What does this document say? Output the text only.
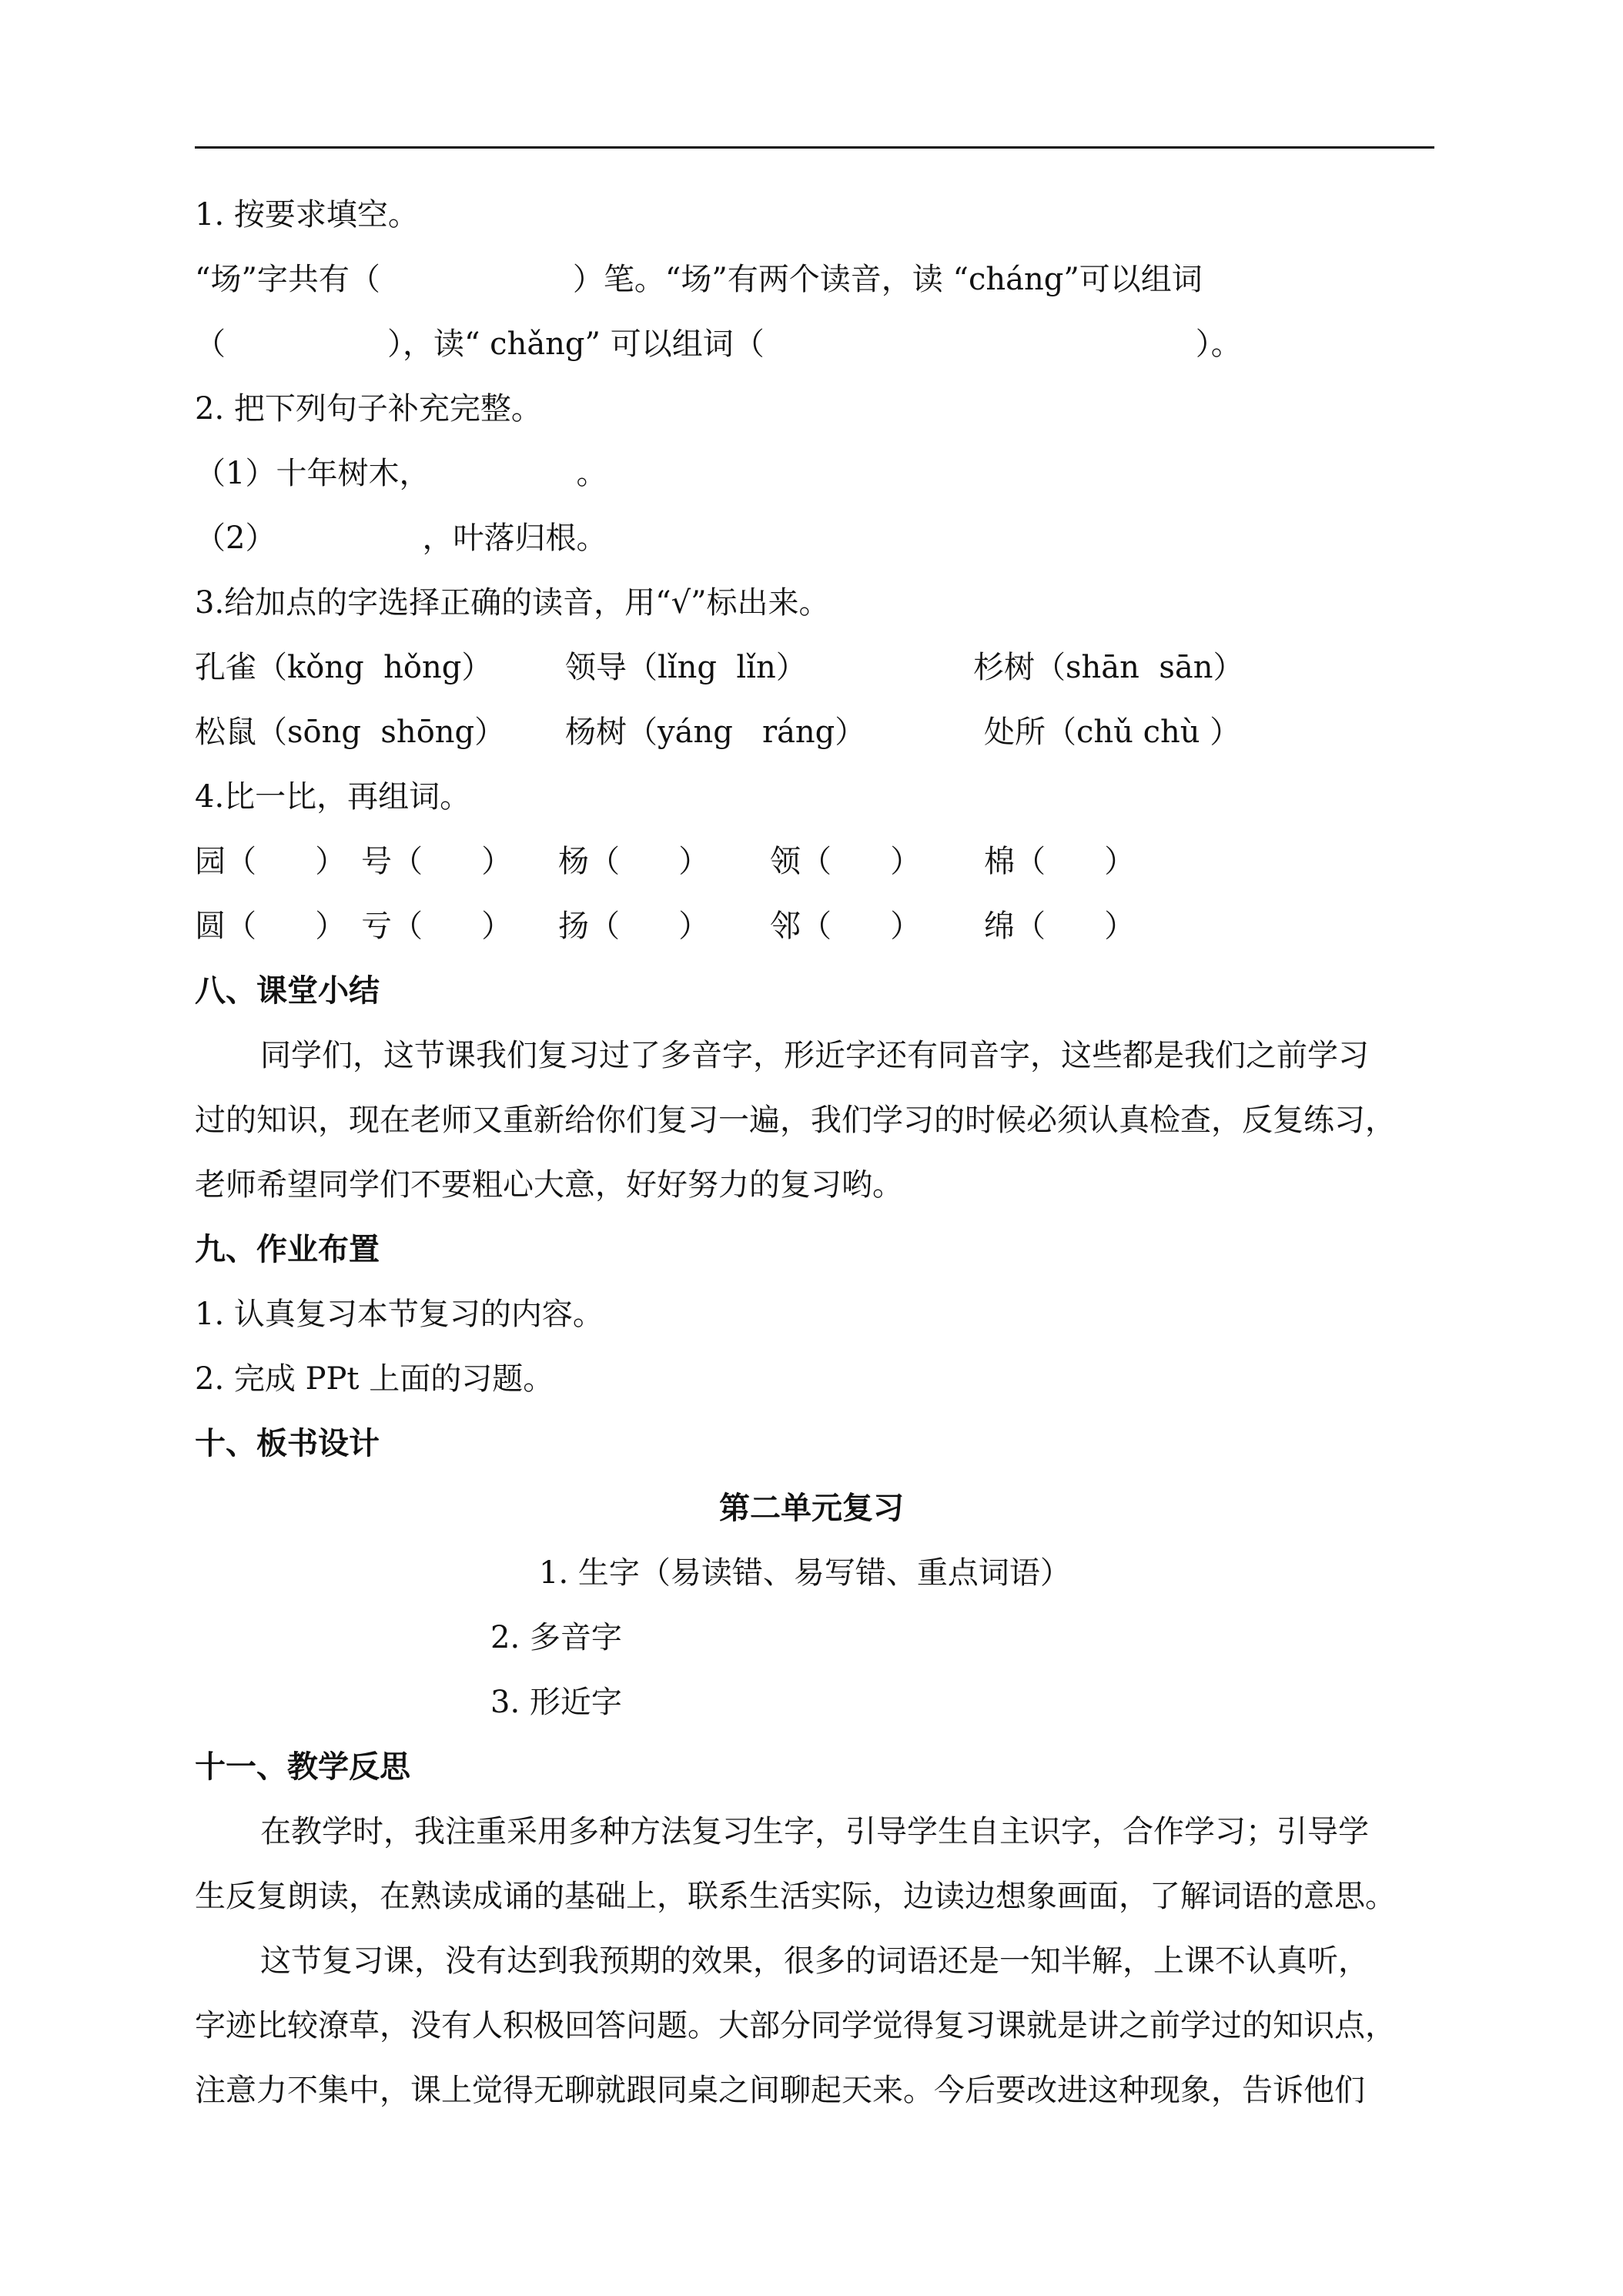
1. 按要求填空。
“场”字共有（	）笔。“场”有两个读音，读 “cháng”可以组词
（	），读“ chǎng” 可以组词（	）。
2. 把下列句子补充完整。
（1）十年树木，	。
（2）	，叶落归根。
3.给加点的字选择正确的读音，用“√”标出来。
孔雀（kǒng  hǒng） 领导（lǐng  lǐn）	杉树（shān  sān）
松鼠（sōng  shōng） 杨树（yáng   ráng）	处所（chǔ chù ）
4.比一比，再组词。
园（      ） 号（      ） 杨（      ） 领（      ） 棉（      ）
圆（      ） 亏（      ） 扬（      ） 邻（      ） 绵（      ）
八、课堂小结
同学们，这节课我们复习过了多音字，形近字还有同音字，这些都是我们之前学习
过的知识，现在老师又重新给你们复习一遍，我们学习的时候必须认真检查，反复练习，
老师希望同学们不要粗心大意，好好努力的复习哟。
九、作业布置
1. 认真复习本节复习的内容。
2. 完成 PPt 上面的习题。
十、板书设计
第二单元复习
1. 生字（易读错、易写错、重点词语）
2. 多音字
3. 形近字
十一、教学反思
在教学时，我注重采用多种方法复习生字，引导学生自主识字，合作学习；引导学
生反复朗读，在熟读成诵的基础上，联系生活实际，边读边想象画面，了解词语的意思。
这节复习课，没有达到我预期的效果，很多的词语还是一知半解，上课不认真听，
字迹比较潦草，没有人积极回答问题。大部分同学觉得复习课就是讲之前学过的知识点，
注意力不集中，课上觉得无聊就跟同桌之间聊起天来。今后要改进这种现象，告诉他们
